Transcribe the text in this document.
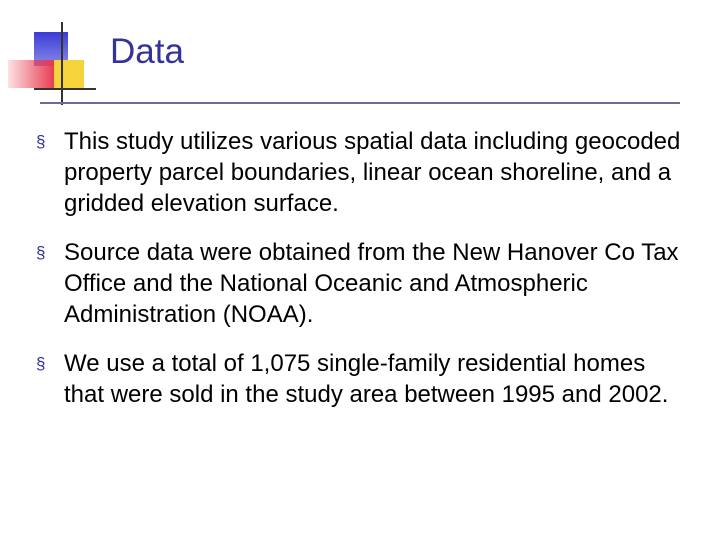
Data
§ This study utilizes various spatial data including geocoded property parcel boundaries, linear ocean shoreline, and a gridded elevation surface.
§ Source data were obtained from the New Hanover Co Tax Office and the National Oceanic and Atmospheric Administration (NOAA).
§ We use a total of 1,075 single-family residential homes that were sold in the study area between 1995 and 2002.
